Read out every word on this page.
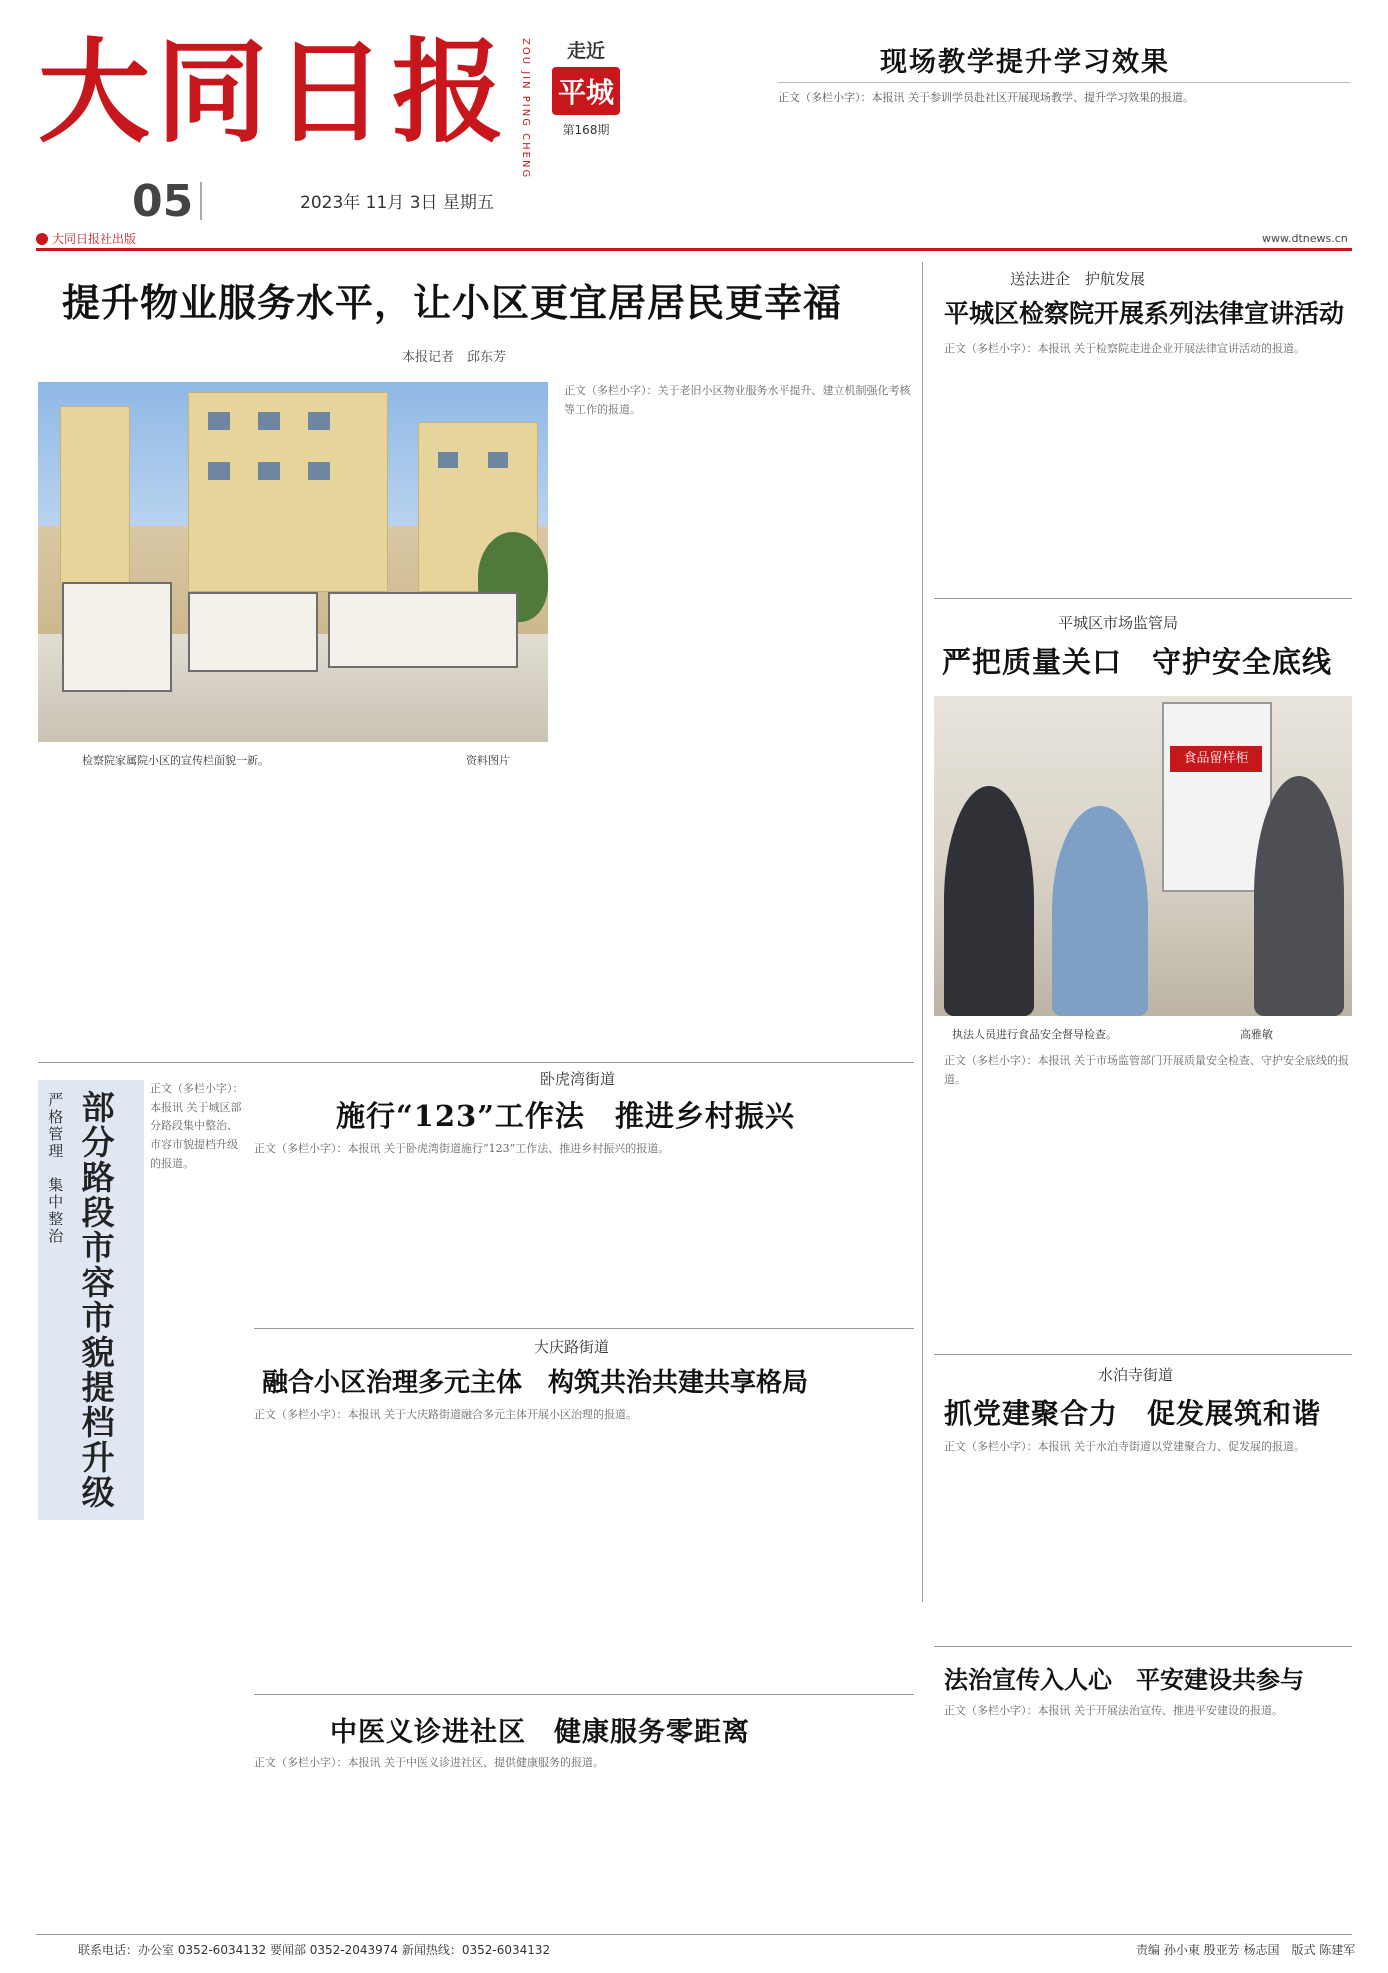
大同日报	ZOU JIN PING CHENG	走近
平城
第168期
05	2023年 11月 3日 星期五
大同日报社出版	www.dtnews.cn
现场教学提升学习效果
正文（多栏小字）：本报讯 关于参训学员赴社区开展现场教学、提升学习效果的报道。
提升物业服务水平，让小区更宜居居民更幸福
本报记者　邱东芳
检察院家属院小区的宣传栏面貌一新。	资料图片
正文（多栏小字）：关于老旧小区物业服务水平提升、建立机制强化考核等工作的报道。
送法进企　护航发展
平城区检察院开展系列法律宣讲活动
正文（多栏小字）：本报讯 关于检察院走进企业开展法律宣讲活动的报道。
平城区市场监管局
严把质量关口　守护安全底线
食品留样柜
执法人员进行食品安全督导检查。	高雅敏
正文（多栏小字）：本报讯 关于市场监管部门开展质量安全检查、守护安全底线的报道。
严格管理　集中整治 部分路段市容市貌提档升级
正文（多栏小字）：本报讯 关于城区部分路段集中整治、市容市貌提档升级的报道。
卧虎湾街道
施行“123”工作法　推进乡村振兴
正文（多栏小字）：本报讯 关于卧虎湾街道施行“123”工作法、推进乡村振兴的报道。
大庆路街道
融合小区治理多元主体　构筑共治共建共享格局
正文（多栏小字）：本报讯 关于大庆路街道融合多元主体开展小区治理的报道。
中医义诊进社区　健康服务零距离
正文（多栏小字）：本报讯 关于中医义诊进社区、提供健康服务的报道。
水泊寺街道
抓党建聚合力　促发展筑和谐
正文（多栏小字）：本报讯 关于水泊寺街道以党建聚合力、促发展的报道。
法治宣传入人心　平安建设共参与
正文（多栏小字）：本报讯 关于开展法治宣传、推进平安建设的报道。
联系电话：办公室 0352-6034132 要闻部 0352-2043974 新闻热线：0352-6034132	责编 孙小東 殷亚芳 杨志国　版式 陈建军
